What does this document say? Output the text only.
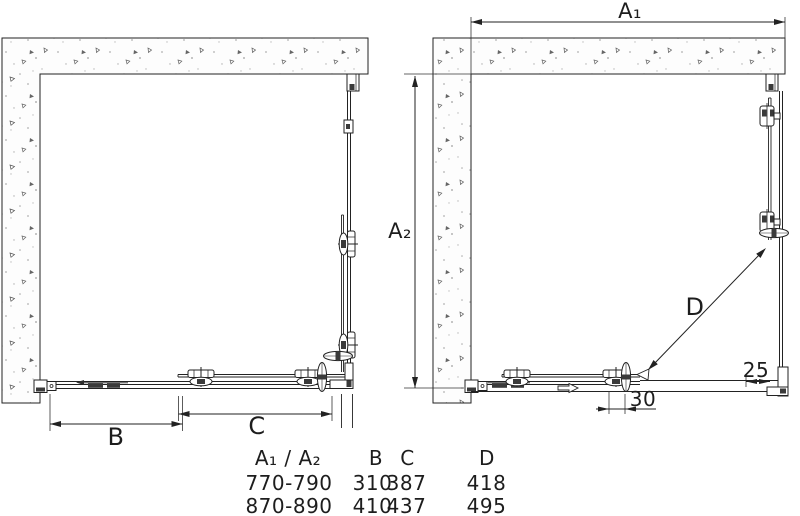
B	C
A₁
A₂
D
25
30
A₁ / A₂ B C	D
770-790 310
387 418
870-890 410
437 495
